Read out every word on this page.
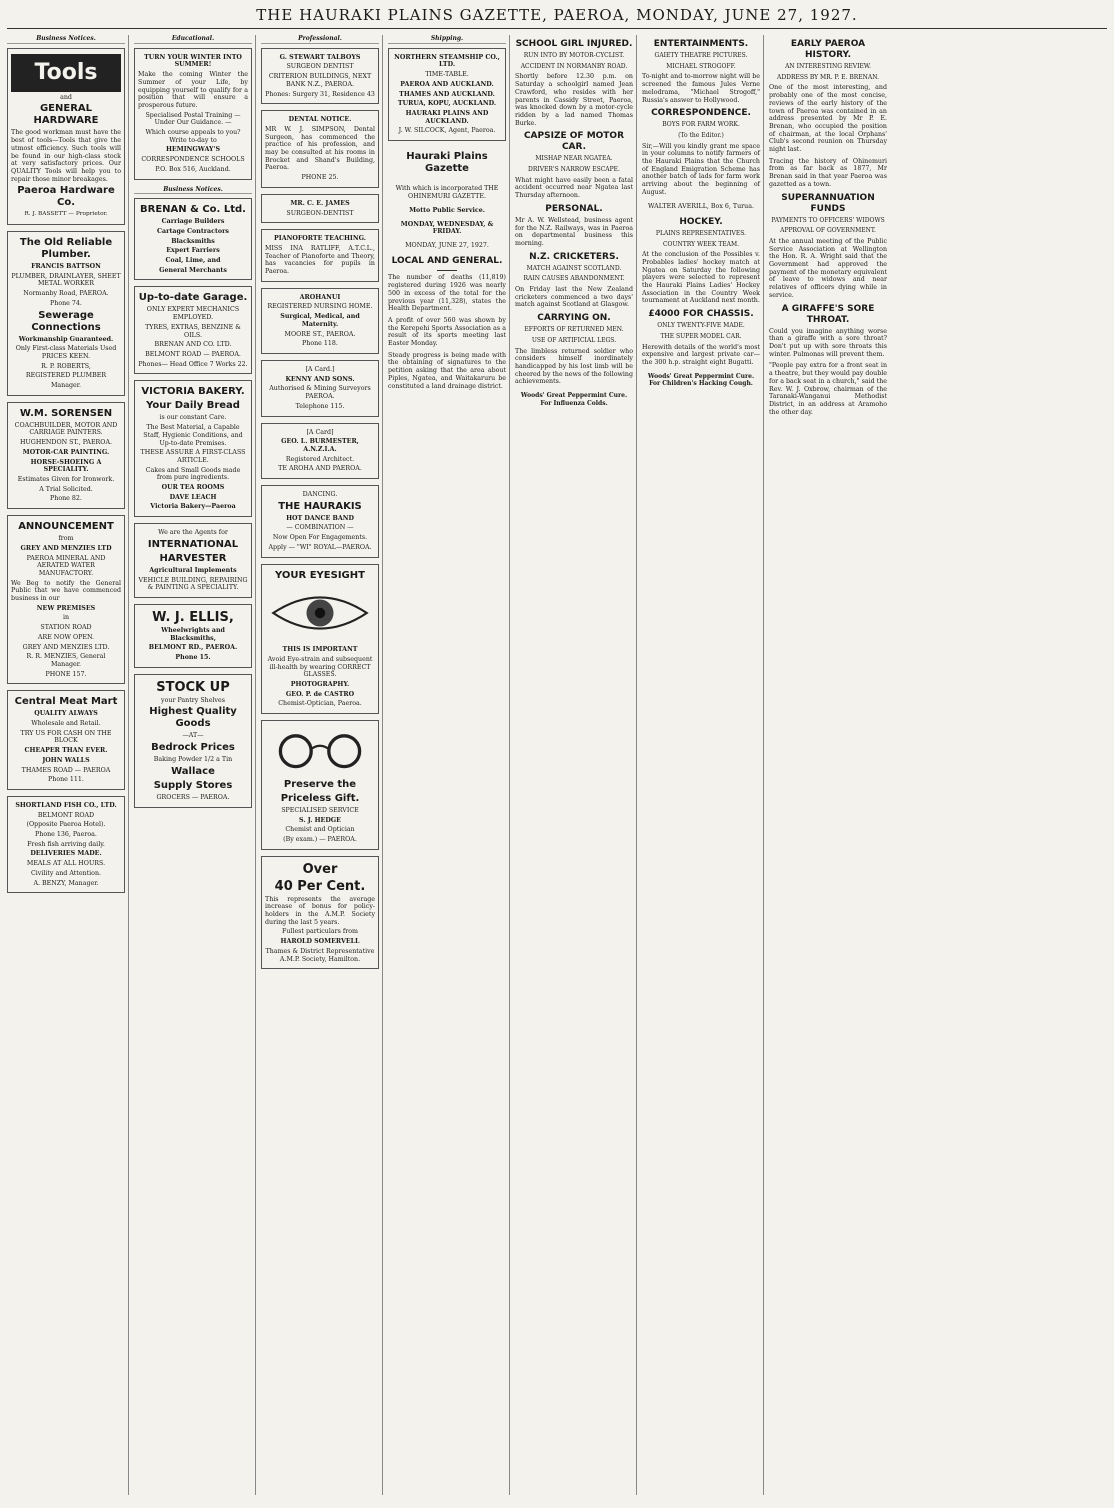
THE HAURAKI PLAINS GAZETTE, PAEROA, MONDAY, JUNE 27, 1927.
Business Notices.
Tools

and

GENERAL HARDWARE

The good workman must have the best of tools—Tools that give the utmost efficiency. Such tools will be found in our high-class stock at very satisfactory prices. Our QUALITY Tools will help you to repair those minor breakages.

Paeroa Hardware Co.

R. J. BASSETT — Proprietor.

The Old Reliable Plumber.

FRANCIS BATTSON

PLUMBER, DRAINLAYER, SHEET METAL WORKER

Normanby Road, PAEROA.

Phone 74.

Sewerage Connections

Workmanship Guaranteed.

Only First-class Materials Used PRICES KEEN.

R. P. ROBERTS,

REGISTERED PLUMBER

Manager.

W.M. SORENSEN

COACHBUILDER, MOTOR AND CARRIAGE PAINTERS.

HUGHENDON ST., PAEROA.

MOTOR-CAR PAINTING.

HORSE-SHOEING A SPECIALITY.

Estimates Given for Ironwork.

A Trial Solicited.

Phone 82.

ANNOUNCEMENT

from

GREY AND MENZIES LTD

PAEROA MINERAL AND AERATED WATER MANUFACTORY.

We Beg to notify the General Public that we have commenced business in our

NEW PREMISES

in

STATION ROAD

ARE NOW OPEN.

GREY AND MENZIES LTD.

R. R. MENZIES, General Manager.

PHONE 157.

Central Meat Mart

QUALITY ALWAYS

Wholesale and Retail.

TRY US FOR CASH ON THE BLOCK

CHEAPER THAN EVER.

JOHN WALLS

THAMES ROAD — PAEROA

Phone 111.

SHORTLAND FISH CO., LTD.

BELMONT ROAD

(Opposite Paeroa Hotel).

Phone 136, Paeroa.

Fresh fish arriving daily.

DELIVERIES MADE.

MEALS AT ALL HOURS.

Civility and Attention.

A. BENZY, Manager.

Educational.

TURN YOUR WINTER INTO SUMMER!

Make the coming Winter the Summer of your Life, by equipping yourself to qualify for a position that will ensure a prosperous future.

Specialised Postal Training — Under Our Guidance. —

Which course appeals to you? Write to-day to

HEMINGWAY'S

CORRESPONDENCE SCHOOLS

P.O. Box 516, Auckland.

Business Notices.

BRENAN & Co. Ltd.

Carriage Builders

Cartage Contractors

Blacksmiths

Expert Farriers

Coal, Lime, and

General Merchants

Up-to-date Garage.

ONLY EXPERT MECHANICS EMPLOYED.

TYRES, EXTRAS, BENZINE & OILS.

BRENAN AND CO. LTD.

BELMONT ROAD — PAEROA.

Phones— Head Office 7 Works 22.

VICTORIA BAKERY.

Your Daily Bread

is our constant Care.

The Best Material, a Capable Staff, Hygienic Conditions, and Up-to-date Premises.

THESE ASSURE A FIRST-CLASS ARTICLE.

Cakes and Small Goods made from pure ingredients.

OUR TEA ROOMS

DAVE LEACH

Victoria Bakery—Paeroa

We are the Agents for

INTERNATIONAL

HARVESTER

Agricultural Implements

VEHICLE BUILDING, REPAIRING & PAINTING A SPECIALITY.

W. J. ELLIS,

Wheelwrights and Blacksmiths,

BELMONT RD., PAEROA.

Phone 15.

STOCK UP

your Pantry Shelves

Highest Quality Goods

—AT—

Bedrock Prices

Baking Powder 1/2 a Tin

Wallace

Supply Stores

GROCERS — PAEROA.

Professional.

G. STEWART TALBOYS

SURGEON DENTIST

CRITERION BUILDINGS, NEXT BANK N.Z., PAEROA.

Phones: Surgery 31, Residence 43

DENTAL NOTICE.

MR W. J. SIMPSON, Dental Surgeon, has commenced the practice of his profession, and may be consulted at his rooms in Brocket and Shand's Building, Paeroa.

PHONE 25.

MR. C. E. JAMES

SURGEON-DENTIST

PIANOFORTE TEACHING.

MISS INA RATLIFF, A.T.C.L., Teacher of Pianoforte and Theory, has vacancies for pupils in Paeroa.

AROHANUI

REGISTERED NURSING HOME.

Surgical, Medical, and Maternity.

MOORE ST., PAEROA.

Phone 118.

[A Card.]

KENNY AND SONS.

Authorised & Mining Surveyors PAEROA.

Telephone 115.

[A Card]

GEO. L. BURMESTER, A.N.Z.I.A.

Registered Architect.

TE AROHA AND PAEROA.

DANCING.

THE HAURAKIS

HOT DANCE BAND

— COMBINATION —

Now Open For Engagements.

Apply — "WI" ROYAL—PAEROA.

YOUR EYESIGHT

THIS IS IMPORTANT

Avoid Eye-strain and subsequent ill-health by wearing CORRECT GLASSES.

PHOTOGRAPHY.

GEO. P. de CASTRO

Chemist-Optician, Paeroa.

Preserve the

Priceless Gift.

SPECIALISED SERVICE

S. J. HEDGE

Chemist and Optician

(By exam.) — PAEROA.

Over

40 Per Cent.

This represents the average increase of bonus for policy-holders in the A.M.P. Society during the last 5 years.

Fullest particulars from

HAROLD SOMERVELL

Thames & District Representative A.M.P. Society, Hamilton.

Shipping.

NORTHERN STEAMSHIP CO., LTD.

TIME-TABLE.

PAEROA AND AUCKLAND.

THAMES AND AUCKLAND.

TURUA, KOPU, AUCKLAND.

HAURAKI PLAINS AND AUCKLAND.

J. W. SILCOCK, Agent, Paeroa.

Hauraki Plains Gazette

With which is incorporated THE OHINEMURI GAZETTE.

Motto Public Service.

MONDAY, WEDNESDAY, & FRIDAY.

MONDAY, JUNE 27, 1927.

LOCAL AND GENERAL.

The number of deaths (11,819) registered during 1926 was nearly 500 in excess of the total for the previous year (11,328), states the Health Department.

A profit of over 560 was shown by the Kerepehi Sports Association as a result of its sports meeting last Easter Monday.

Steady progress is being made with the obtaining of signatures to the petition asking that the area about Piples, Ngatea, and Waitakaruru be constituted a land drainage district.

SCHOOL GIRL INJURED.
RUN INTO BY MOTOR-CYCLIST.
ACCIDENT IN NORMANBY ROAD.

Shortly before 12.30 p.m. on Saturday a schoolgirl named Jean Crawford, who resides with her parents in Cassidy Street, Paeroa, was knocked down by a motor-cycle ridden by a lad named Thomas Burke.

CAPSIZE OF MOTOR CAR.
MISHAP NEAR NGATEA.
DRIVER'S NARROW ESCAPE.

What might have easily been a fatal accident occurred near Ngatea last Thursday afternoon.

PERSONAL.

Mr A. W. Wellstead, business agent for the N.Z. Railways, was in Paeroa on departmental business this morning.

N.Z. CRICKETERS.
MATCH AGAINST SCOTLAND.
RAIN CAUSES ABANDONMENT.

On Friday last the New Zealand cricketers commenced a two days' match against Scotland at Glasgow.

CARRYING ON.
EFFORTS OF RETURNED MEN.
USE OF ARTIFICIAL LEGS.

The limbless returned soldier who considers himself inordinately handicapped by his lost limb will be cheered by the news of the following achievements.

Woods' Great Peppermint Cure. For Influenza Colds.
ENTERTAINMENTS.
GAIETY THEATRE PICTURES.
MICHAEL STROGOFF.

To-night and to-morrow night will be screened the famous Jules Verne melodrama, "Michael Strogoff," Russia's answer to Hollywood.

CORRESPONDENCE.
BOYS FOR FARM WORK.
(To the Editor.)

Sir,—Will you kindly grant me space in your columns to notify farmers of the Hauraki Plains that the Church of England Emigration Scheme has another batch of lads for farm work arriving about the beginning of August.

WALTER AVERILL, Box 6, Turua.

HOCKEY.
PLAINS REPRESENTATIVES.
COUNTRY WEEK TEAM.

At the conclusion of the Possibles v. Probables ladies' hockey match at Ngatea on Saturday the following players were selected to represent the Hauraki Plains Ladies' Hockey Association in the Country Week tournament at Auckland next month.

£4000 FOR CHASSIS.
ONLY TWENTY-FIVE MADE.
THE SUPER MODEL CAR.

Herewith details of the world's most expensive and largest private car—the 300 h.p. straight eight Bugatti.

Woods' Great Peppermint Cure. For Children's Hacking Cough.
EARLY PAEROA HISTORY.
AN INTERESTING REVIEW.
ADDRESS BY MR. P. E. BRENAN.

One of the most interesting, and probably one of the most concise, reviews of the early history of the town of Paeroa was contained in an address presented by Mr P. E. Brenan, who occupied the position of chairman, at the local Orphans' Club's second reunion on Thursday night last.

Tracing the history of Ohinemuri from as far back as 1877, Mr Brenan said in that year Paeroa was gazetted as a town.

SUPERANNUATION FUNDS
PAYMENTS TO OFFICERS' WIDOWS
APPROVAL OF GOVERNMENT.

At the annual meeting of the Public Service Association at Wellington the Hon. R. A. Wright said that the Government had approved the payment of the monetary equivalent of leave to widows and near relatives of officers dying while in service.

A GIRAFFE'S SORE THROAT.

Could you imagine anything worse than a giraffe with a sore throat? Don't put up with sore throats this winter. Pulmonas will prevent them.

"People pay extra for a front seat in a theatre, but they would pay double for a back seat in a church," said the Rev. W. J. Oxbrow, chairman of the Taranaki-Wanganui Methodist District, in an address at Aramoho the other day.
